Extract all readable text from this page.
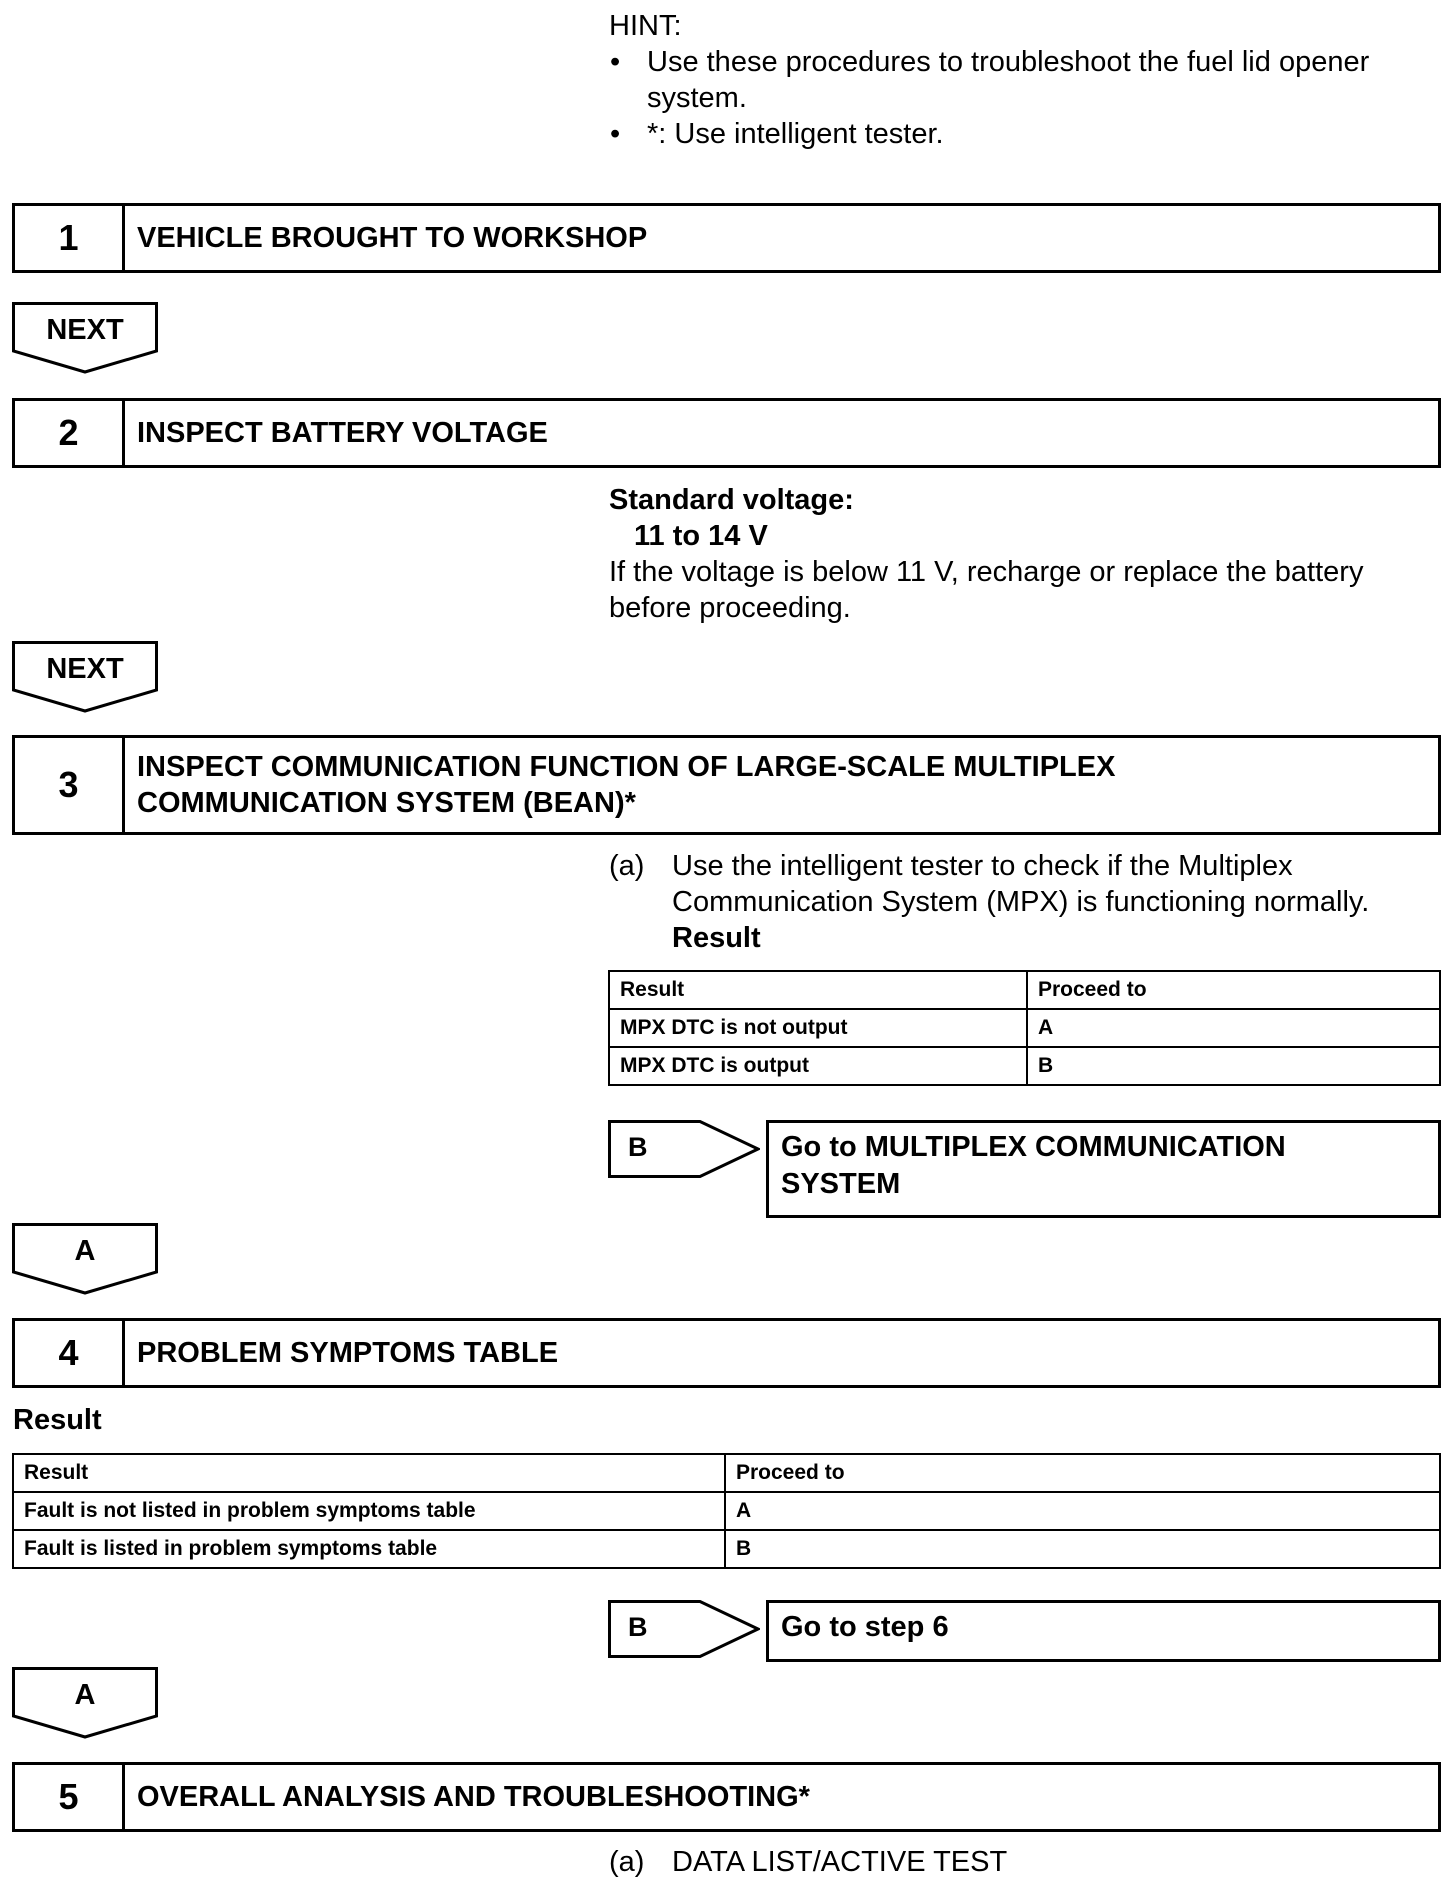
HINT:
• Use these procedures to troubleshoot the fuel lid opener
system.
• *: Use intelligent tester.
1	VEHICLE BROUGHT TO WORKSHOP
NEXT
2	INSPECT BATTERY VOLTAGE
Standard voltage:
11 to 14 V
If the voltage is below 11 V, recharge or replace the battery
before proceeding.
NEXT
3	INSPECT COMMUNICATION FUNCTION OF LARGE-SCALE MULTIPLEX
COMMUNICATION SYSTEM (BEAN)*
(a) Use the intelligent tester to check if the Multiplex
Communication System (MPX) is functioning normally.
Result
Result	Proceed to
MPX DTC is not output	A
MPX DTC is output	B
B	Go to MULTIPLEX COMMUNICATION
SYSTEM
A
4	PROBLEM SYMPTOMS TABLE
Result
Result	Proceed to
Fault is not listed in problem symptoms table	A
Fault is listed in problem symptoms table	B
B	Go to step 6
A
5	OVERALL ANALYSIS AND TROUBLESHOOTING*
(a) DATA LIST/ACTIVE TEST
